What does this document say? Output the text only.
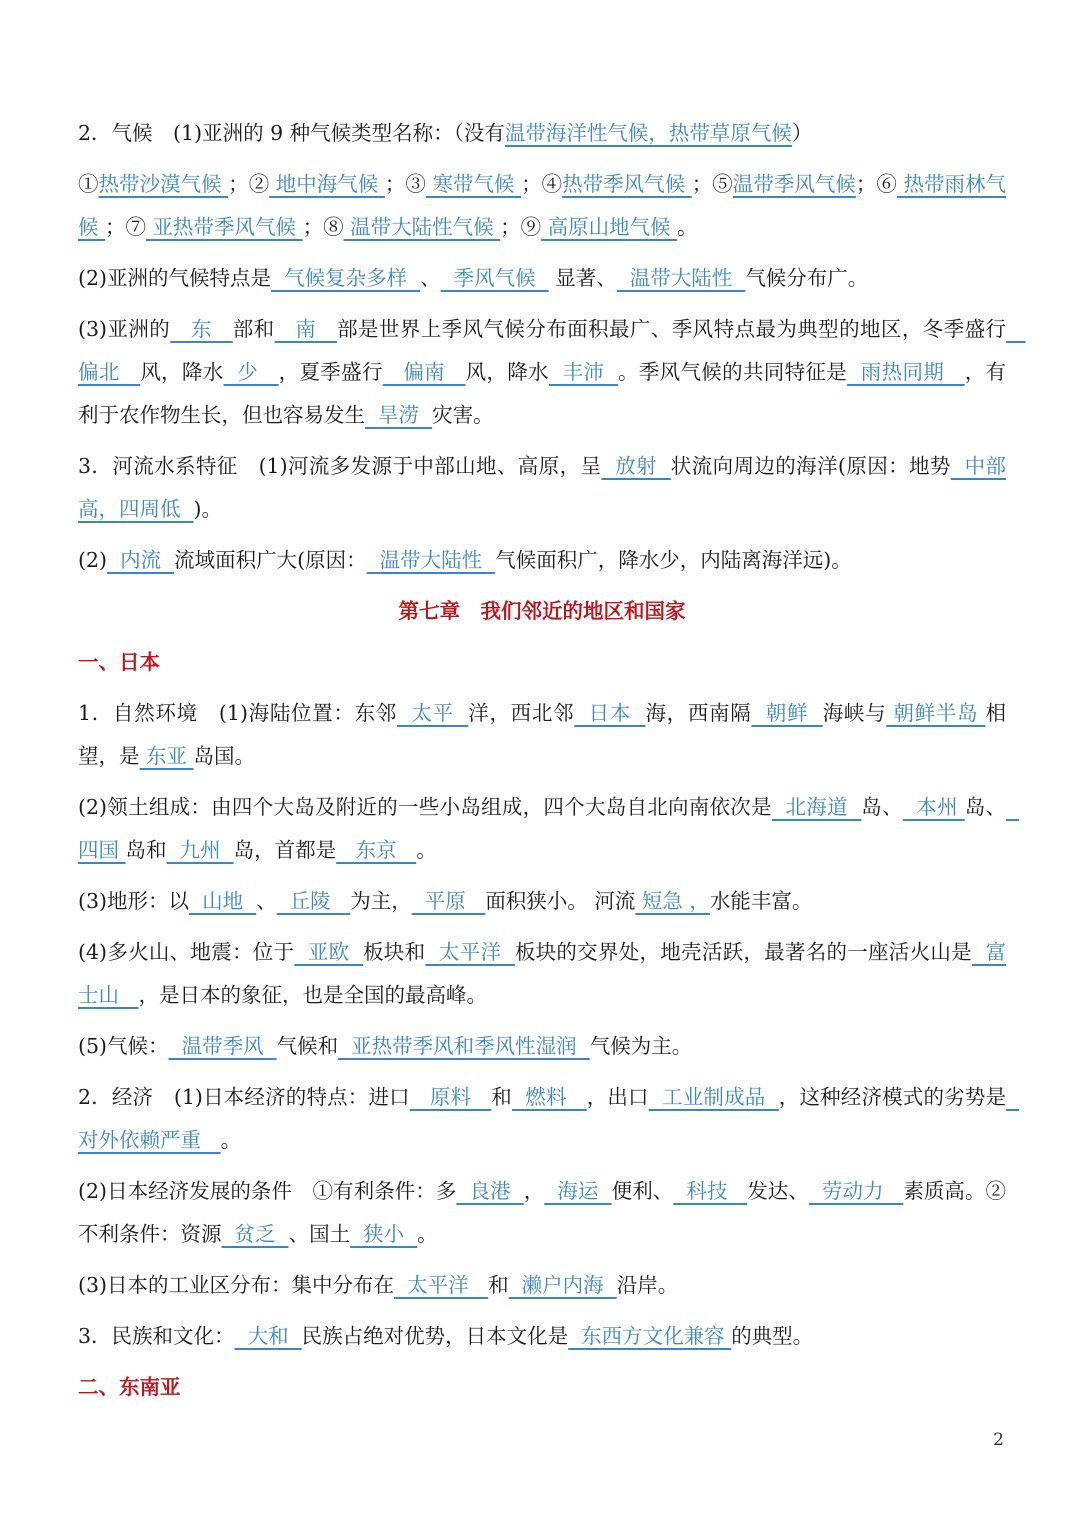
2．气候　(1)亚洲的 9 种气候类型名称：（没有温带海洋性气候，热带草原气候）
①热带沙漠气候 ；② 地中海气候 ；③ 寒带气候 ；④热带季风气候 ；⑤温带季风气候；⑥ 热带雨林气候 ；⑦ 亚热带季风气候 ；⑧ 温带大陆性气候 ；⑨ 高原山地气候 。
(2)亚洲的气候特点是  气候复杂多样  、  季风气候   显著、  温带大陆性  气候分布广。
(3)亚洲的   东   部和   南   部是世界上季风气候分布面积最广、季风特点最为典型的地区，冬季盛行   偏北   风，降水  少   ，夏季盛行   偏南   风，降水  丰沛  。季风气候的共同特征是  雨热同期   ，有利于农作物生长，但也容易发生  旱涝  灾害。
3．河流水系特征　(1)河流多发源于中部山地、高原，呈  放射  状流向周边的海洋(原因：地势  中部高，四周低  )。
(2)  内流  流域面积广大(原因：  温带大陆性  气候面积广，降水少，内陆离海洋远)。
第七章　我们邻近的地区和国家
一、日本
1．自然环境　(1)海陆位置：东邻  太平  洋，西北邻  日本  海，西南隔  朝鲜  海峡与 朝鲜半岛 相望，是 东亚 岛国。
(2)领土组成：由四个大岛及附近的一些小岛组成，四个大岛自北向南依次是  北海道  岛、  本州 岛、  四国 岛和  九州  岛，首都是   东京   。
(3)地形：以  山地  、  丘陵   为主，  平原   面积狭小。 河流 短急 ，水能丰富。
(4)多火山、地震：位于  亚欧  板块和  太平洋  板块的交界处，地壳活跃，最著名的一座活火山是  富士山   ，是日本的象征，也是全国的最高峰。
(5)气候：  温带季风  气候和  亚热带季风和季风性湿润  气候为主。
2．经济　(1)日本经济的特点：进口   原料   和  燃料   ，出口  工业制成品  ，这种经济模式的劣势是  对外依赖严重   。
(2)日本经济发展的条件　①有利条件：多  良港  ，  海运  便利、  科技   发达、  劳动力   素质高。②不利条件：资源  贫乏  、国土  狭小  。
(3)日本的工业区分布：集中分布在  太平洋   和  濑户内海  沿岸。
3．民族和文化：  大和  民族占绝对优势，日本文化是  东西方文化兼容 的典型。
二、东南亚
2
